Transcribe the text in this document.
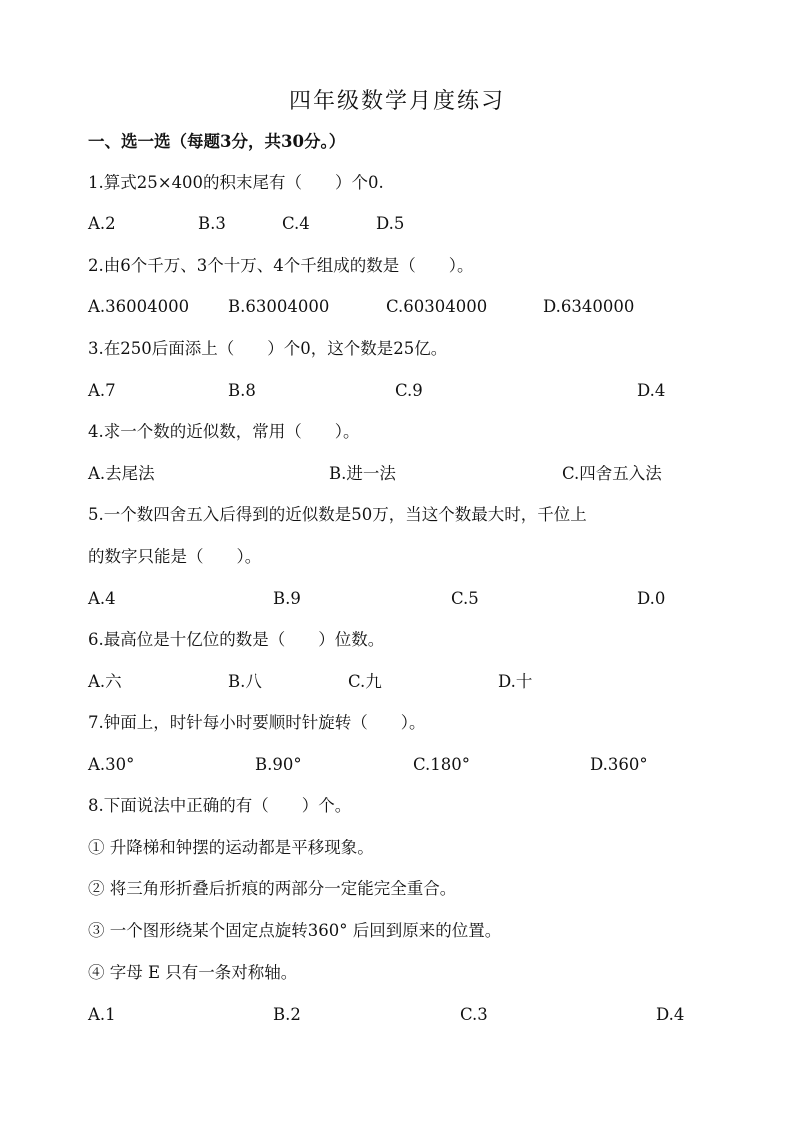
四年级数学月度练习
一、选一选（每题3分，共30分。）
1.算式25×400的积末尾有（　　）个0.
A.2	B.3	C.4	D.5
2.由6个千万、3个十万、4个千组成的数是（　　）。
A.36004000 B.63004000	C.60304000	D.6340000
3.在250后面添上（　　）个0，这个数是25亿。
A.7	B.8	C.9	D.4
4.求一个数的近似数，常用（　　）。
A.去尾法	B.进一法	C.四舍五入法
5.一个数四舍五入后得到的近似数是50万，当这个数最大时，千位上
的数字只能是（　　）。
A.4	B.9	C.5	D.0
6.最高位是十亿位的数是（　　）位数。
A.六	B.八	C.九	D.十
7.钟面上，时针每小时要顺时针旋转（　　）。
A.30°	B.90°	C.180°	D.360°
8.下面说法中正确的有（　　）个。
① 升降梯和钟摆的运动都是平移现象。
② 将三角形折叠后折痕的两部分一定能完全重合。
③ 一个图形绕某个固定点旋转360° 后回到原来的位置。
④ 字母 E 只有一条对称轴。
A.1	B.2	C.3	D.4
